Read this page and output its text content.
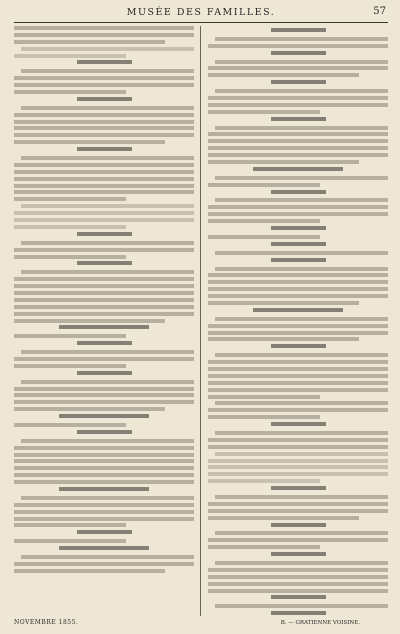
MUSÉE DES FAMILLES.	57
NOVEMBRE 1855.	B. — GRATIENNE VOISINE.
